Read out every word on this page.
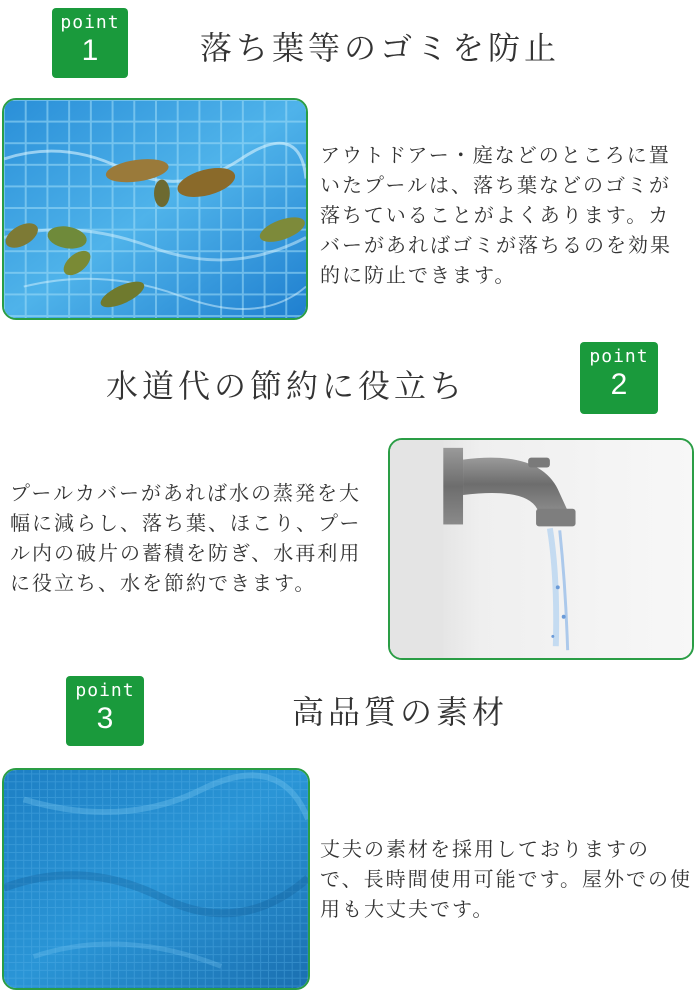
point
1	落ち葉等のゴミを防止
アウトドアー・庭などのところに置いたプールは、落ち葉などのゴミが落ちていることがよくあります。カバーがあればゴミが落ちるのを効果的に防止できます。
水道代の節約に役立ち
point
2
プールカバーがあれば水の蒸発を大幅に減らし、落ち葉、ほこり、プール内の破片の蓄積を防ぎ、水再利用に役立ち、水を節約できます。
point
3	高品質の素材
丈夫の素材を採用しておりますので、長時間使用可能です。屋外での使用も大丈夫です。
